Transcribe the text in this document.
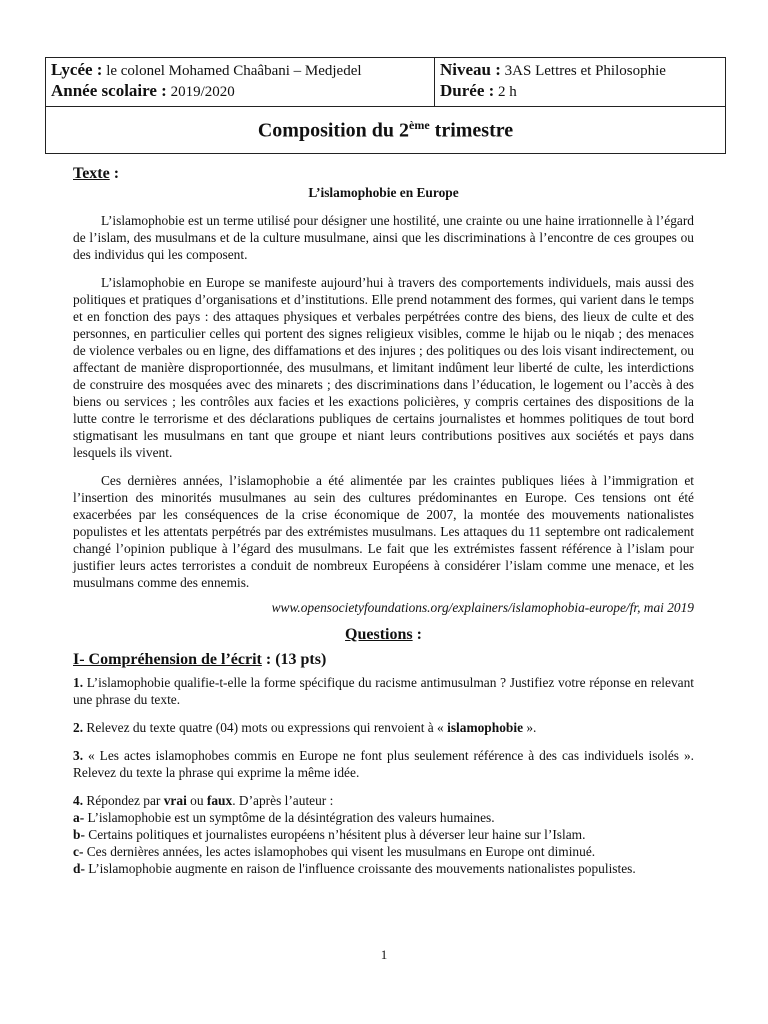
Lycée : le colonel Mohamed Chaâbani – Medjedel
Année scolaire : 2019/2020

Niveau : 3AS Lettres et Philosophie
Durée : 2 h

Composition du 2ème trimestre

Texte :

L’islamophobie en Europe

L’islamophobie est un terme utilisé pour désigner une hostilité, une crainte ou une haine irrationnelle à l’égard de l’islam, des musulmans et de la culture musulmane, ainsi que les discriminations à l’encontre de ces groupes ou des individus qui les composent.

L’islamophobie en Europe se manifeste aujourd’hui à travers des comportements individuels, mais aussi des politiques et pratiques d’organisations et d’institutions. Elle prend notamment des formes, qui varient dans le temps et en fonction des pays : des attaques physiques et verbales perpétrées contre des biens, des lieux de culte et des personnes, en particulier celles qui portent des signes religieux visibles, comme le hijab ou le niqab ; des menaces de violence verbales ou en ligne, des diffamations et des injures ; des politiques ou des lois visant indirectement, ou affectant de manière disproportionnée, des musulmans, et limitant indûment leur liberté de culte, les interdictions de construire des mosquées avec des minarets ; des discriminations dans l’éducation, le logement ou l’accès à des biens ou services ; les contrôles aux facies et les exactions policières, y compris certaines des dispositions de la lutte contre le terrorisme et des déclarations publiques de certains journalistes et hommes politiques de tout bord stigmatisant les musulmans en tant que groupe et niant leurs contributions positives aux sociétés et pays dans lesquels ils vivent.

Ces dernières années, l’islamophobie a été alimentée par les craintes publiques liées à l’immigration et l’insertion des minorités musulmanes au sein des cultures prédominantes en Europe. Ces tensions ont été exacerbées par les conséquences de la crise économique de 2007, la montée des mouvements nationalistes populistes et les attentats perpétrés par des extrémistes musulmans. Les attaques du 11 septembre ont radicalement changé l’opinion publique à l’égard des musulmans. Le fait que les extrémistes fassent référence à l’islam pour justifier leurs actes terroristes a conduit de nombreux Européens à considérer l’islam comme une menace, et les musulmans comme des ennemis.

www.opensocietyfoundations.org/explainers/islamophobia-europe/fr, mai 2019

Questions :

I- Compréhension de l’écrit : (13 pts)

1. L’islamophobie qualifie-t-elle la forme spécifique du racisme antimusulman ? Justifiez votre réponse en relevant une phrase du texte.

2. Relevez du texte quatre (04) mots ou expressions qui renvoient à « islamophobie ».

3. « Les actes islamophobes commis en Europe ne font plus seulement référence à des cas individuels isolés ». Relevez du texte la phrase qui exprime la même idée.

4. Répondez par vrai ou faux. D’après l’auteur :

a- L’islamophobie est un symptôme de la désintégration des valeurs humaines.

b- Certains politiques et journalistes européens n’hésitent plus à déverser leur haine sur l’Islam.

c- Ces dernières années, les actes islamophobes qui visent les musulmans en Europe ont diminué.

d- L’islamophobie augmente en raison de l'influence croissante des mouvements nationalistes populistes.

1
